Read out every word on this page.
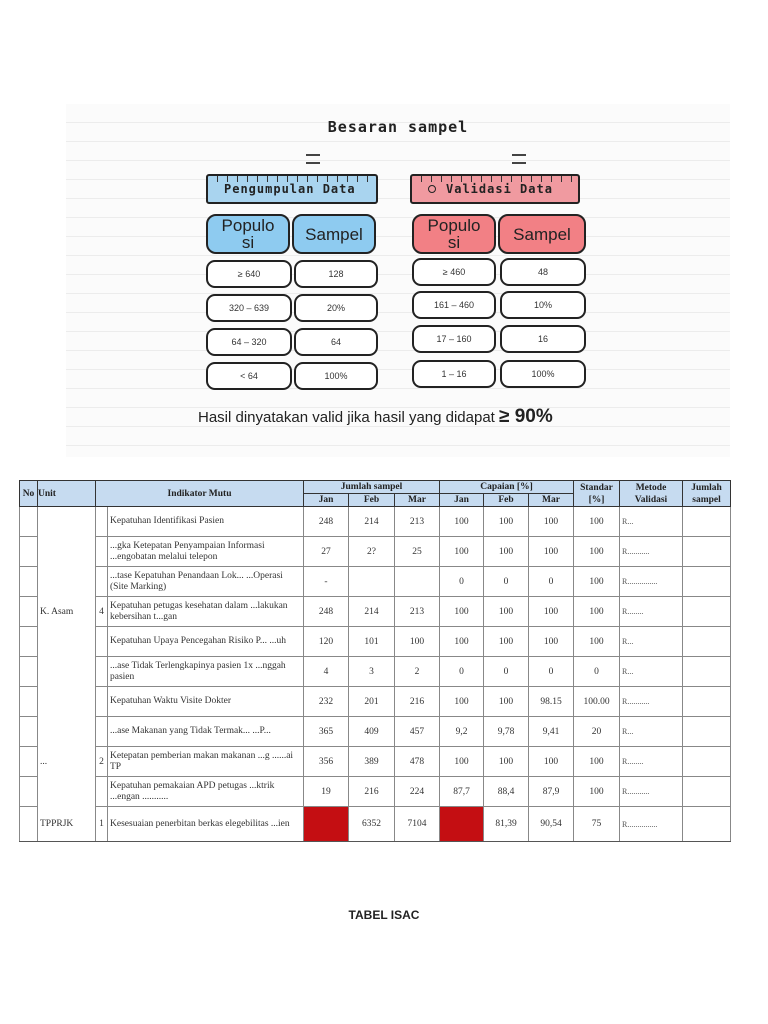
Besaran sampel
Pengumpulan Data	Validasi Data
Populo si	Sampel	Populo si	Sampel
≥ 640	128
320 – 639	20%
64 – 320	64
< 64	100%
≥ 460	48
161 – 460	10%
17 – 160	16
1 – 16	100%
Hasil dinyatakan valid jika hasil yang didapat ≥ 90%
No	Unit	Indikator Mutu		Jumlah sampel			Capaian [%]			Standar [%]	Metode Validasi	Jumlah sampel
				Jan	Feb	Mar	Jan	Feb	Mar			
			Kepatuhan Identifikasi Pasien	248	214	213	100	100	100	100	R...	
			...gka Ketepatan Penyampaian Informasi ...engobatan melalui telepon	27	2?	25	100	100	100	100	R...........	
			...tase Kepatuhan Penandaan Lok... ...Operasi (Site Marking)	-			0	0	0	100	R...............	
	K. Asam	4	Kepatuhan petugas kesehatan dalam ...lakukan kebersihan t...gan	248	214	213	100	100	100	100	R........	
			Kepatuhan Upaya Pencegahan Risiko P... ...uh	120	101	100	100	100	100	100	R...	
			...ase Tidak Terlengkapinya pasien 1x ...nggah pasien	4	3	2	0	0	0	0	R...	
			Kepatuhan Waktu Visite Dokter	232	201	216	100	100	98.15	100.00	R...........	
			...ase Makanan yang Tidak Termak... ...P...	365	409	457	9,2	9,78	9,41	20	R...	
	...	2	Ketepatan pemberian makan makanan ...g ......ai TP	356	389	478	100	100	100	100	R........	
			Kepatuhan pemakaian APD petugas ...ktrik ...engan ...........	19	216	224	87,7	88,4	87,9	100	R...........	
	TPPRJK	1	Kesesuaian penerbitan berkas elegebilitas ...ien		6352	7104		81,39	90,54	75	R...............	
TABEL ISAC
